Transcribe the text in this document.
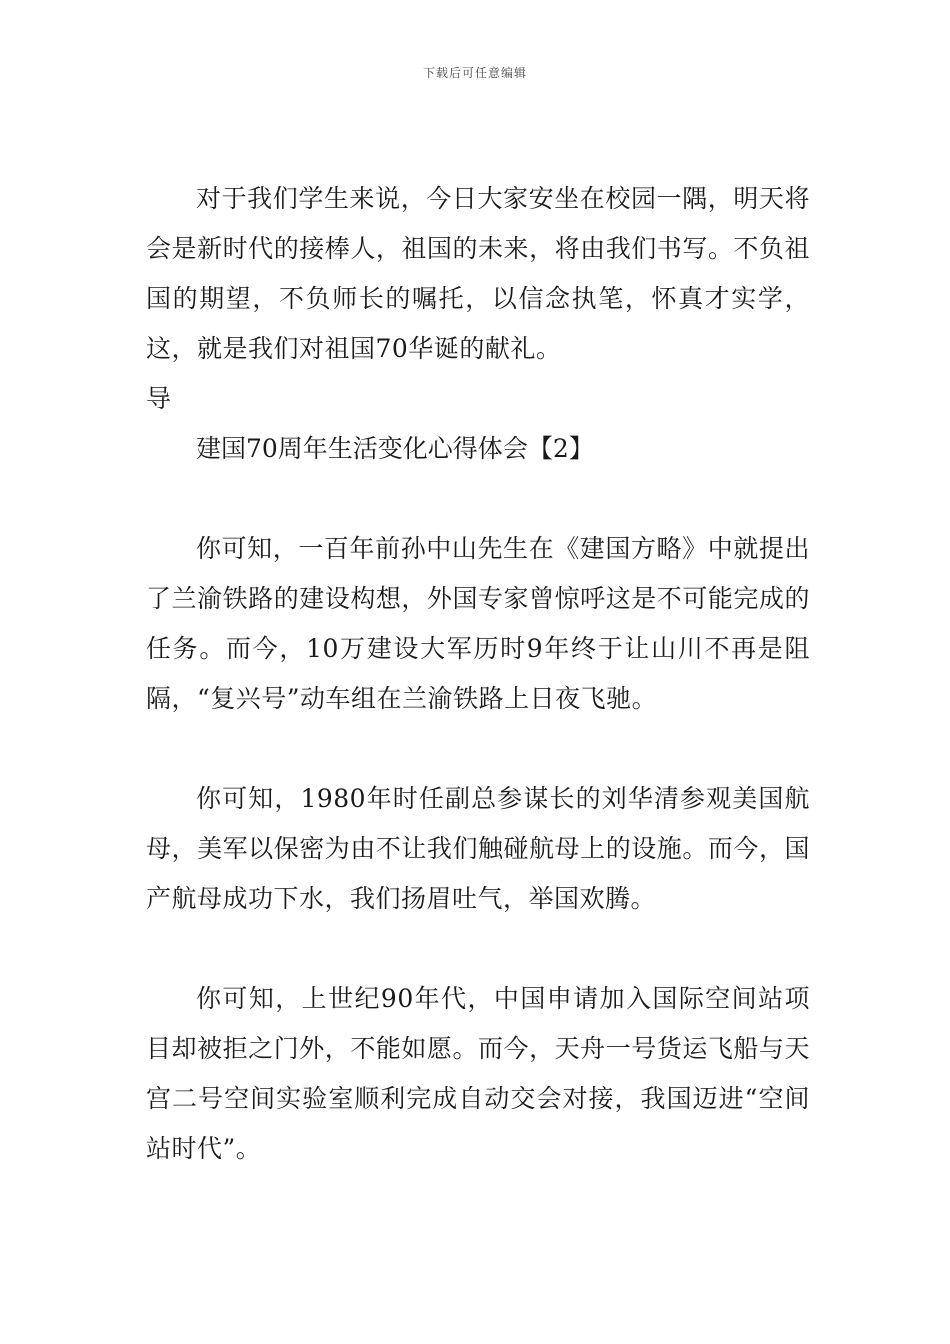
下载后可任意编辑

对于我们学生来说，今日大家安坐在校园一隅，明天将会是新时代的接棒人，祖国的未来，将由我们书写。不负祖国的期望，不负师长的嘱托，以信念执笔，怀真才实学，这，就是我们对祖国70华诞的献礼。

导

建国70周年生活变化心得体会【2】

你可知，一百年前孙中山先生在《建国方略》中就提出了兰渝铁路的建设构想，外国专家曾惊呼这是不可能完成的任务。而今，10万建设大军历时9年终于让山川不再是阻隔，“复兴号”动车组在兰渝铁路上日夜飞驰。

你可知，1980年时任副总参谋长的刘华清参观美国航母，美军以保密为由不让我们触碰航母上的设施。而今，国产航母成功下水，我们扬眉吐气，举国欢腾。

你可知，上世纪90年代，中国申请加入国际空间站项目却被拒之门外，不能如愿。而今，天舟一号货运飞船与天宫二号空间实验室顺利完成自动交会对接，我国迈进“空间站时代”。
